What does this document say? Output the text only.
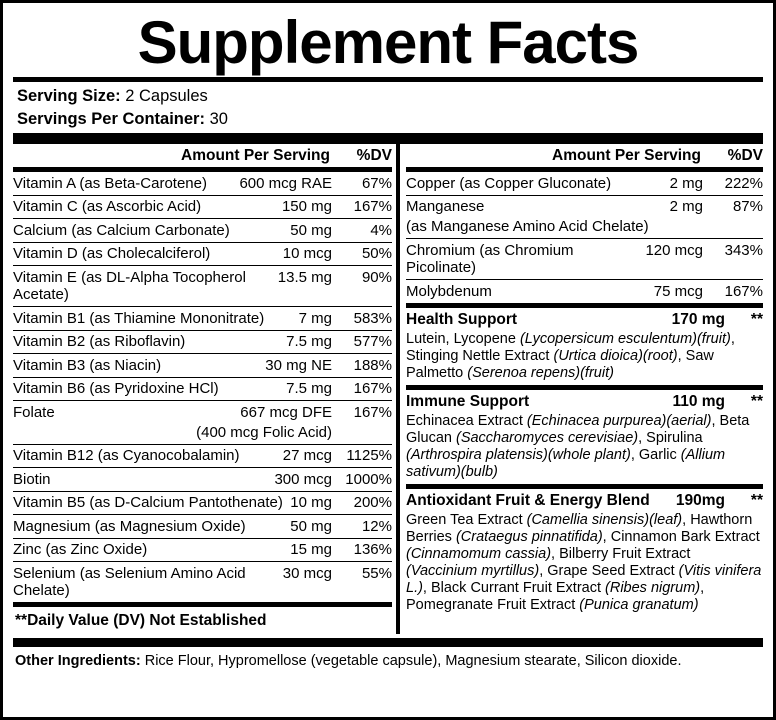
Supplement Facts
Serving Size: 2 Capsules
Servings Per Container: 30
Amount Per Serving	%DV
Vitamin A (as Beta-Carotene)	600 mcg RAE	67%
Vitamin C (as Ascorbic Acid)	150 mg	167%
Calcium (as Calcium Carbonate)	50 mg	4%
Vitamin D (as Cholecalciferol)	10 mcg	50%
Vitamin E (as DL-Alpha Tocopherol Acetate)
13.5 mg	90%
Vitamin B1 (as Thiamine Mononitrate)	7 mg	583%
Vitamin B2 (as Riboflavin)	7.5 mg	577%
Vitamin B3 (as Niacin)	30 mg NE	188%
Vitamin B6 (as Pyridoxine HCl)	7.5 mg	167%
Folate	667 mcg DFE	167%
(400 mcg Folic Acid)
Vitamin B12 (as Cyanocobalamin)	27 mcg 1125%
Biotin	300 mcg 1000%
Vitamin B5 (as D-Calcium Pantothenate) 10 mg	200%
Magnesium (as Magnesium Oxide)	50 mg	12%
Zinc (as Zinc Oxide)	15 mg	136%
Selenium (as Selenium Amino Acid Chelate)
30 mcg	55%
**Daily Value (DV) Not Established
Amount Per Serving	%DV
Copper (as Copper Gluconate)	2 mg	222%
Manganese	2 mg	87%
(as Manganese Amino Acid Chelate)
Chromium (as Chromium Picolinate)
120 mcg	343%
Molybdenum	75 mcg	167%
Health Support	170 mg	**
Lutein, Lycopene (Lycopersicum esculentum)(fruit), Stinging Nettle Extract (Urtica dioica)(root), Saw Palmetto (Serenoa repens)(fruit)
Immune Support	110 mg	**
Echinacea Extract (Echinacea purpurea)(aerial), Beta Glucan (Saccharomyces cerevisiae), Spirulina (Arthrospira platensis)(whole plant), Garlic (Allium sativum)(bulb)
Antioxidant Fruit & Energy Blend	190mg	**
Green Tea Extract (Camellia sinensis)(leaf), Hawthorn Berries (Crataegus pinnatifida), Cinnamon Bark Extract (Cinnamomum cassia), Bilberry Fruit Extract (Vaccinium myrtillus), Grape Seed Extract (Vitis vinifera L.), Black Currant Fruit Extract (Ribes nigrum), Pomegranate Fruit Extract (Punica granatum)
Other Ingredients: Rice Flour, Hypromellose (vegetable capsule), Magnesium stearate, Silicon dioxide.
